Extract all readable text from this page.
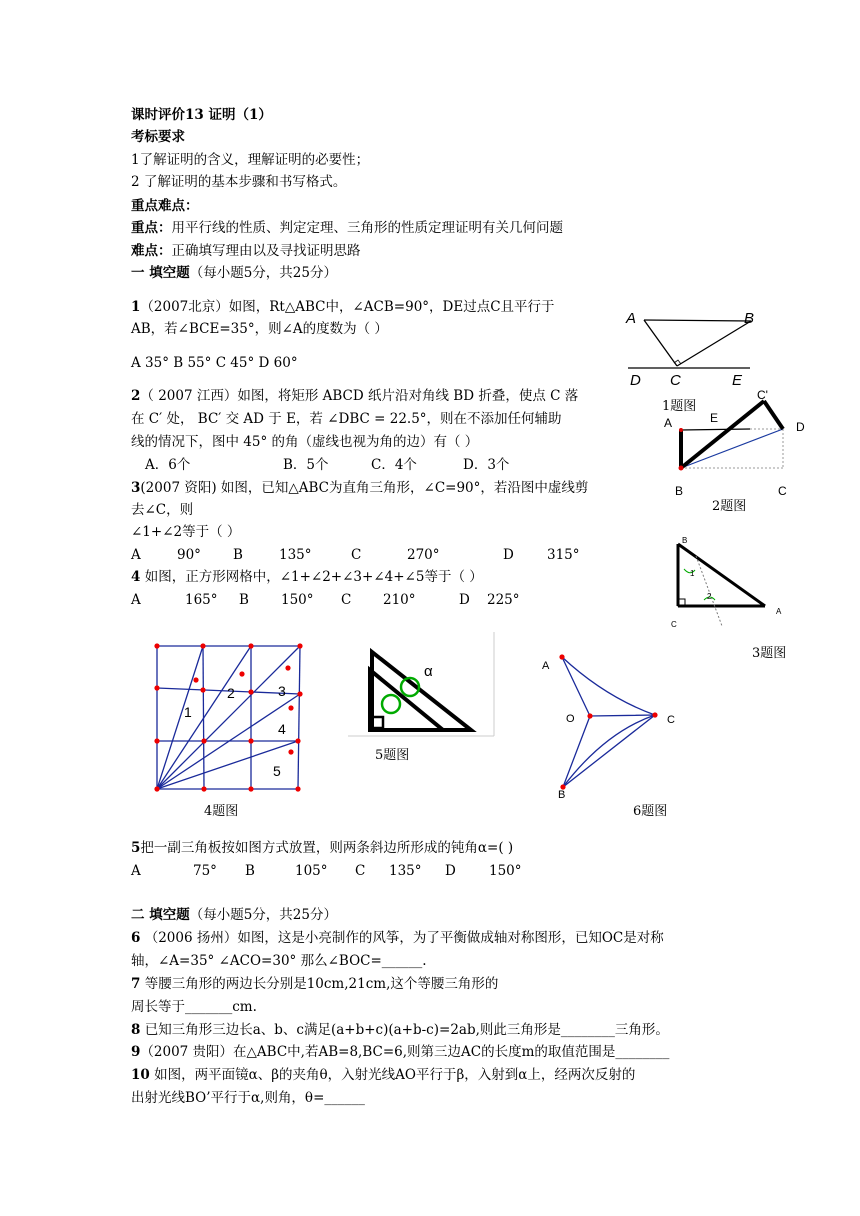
课时评价13 证明（1）
考标要求
1了解证明的含义，理解证明的必要性；
2 了解证明的基本步骤和书写格式。
重点难点：
重点：用平行线的性质、判定定理、三角形的性质定理证明有关几何问题
难点：正确填写理由以及寻找证明思路
一 填空题（每小题5分，共25分）
1（2007北京）如图，Rt△ABC中，∠ACB=90°，DE过点C且平行于
AB，若∠BCE=35°，则∠A的度数为（ ）
A 35° B 55° C 45° D 60°
2（ 2007 江西）如图，将矩形 ABCD 纸片沿对角线 BD 折叠，使点 C 落
在 C′ 处， BC′ 交 AD 于 E，若 ∠DBC = 22.5°，则在不添加任何辅助
线的情况下，图中 45° 的角（虚线也视为角的边）有（ ）
A．6个	B．5个	C．4个	D．3个
3(2007 资阳) 如图，已知△ABC为直角三角形，∠C=90°，若沿图中虚线剪
去∠C，则
∠1+∠2等于（ ）
A	90° B	135°	C	270°	D 315°
4 如图，正方形网格中，∠1+∠2+∠3+∠4+∠5等于（ ）
A	165° B 150° C 210°	D 225°
5把一副三角板按如图方式放置，则两条斜边所形成的钝角α=( )
A	75° B	105° C 135° D 150°
二 填空题（每小题5分，共25分）
6 （2006 扬州）如图，这是小亮制作的风筝，为了平衡做成轴对称图形，已知OC是对称
轴，∠A=35° ∠ACO=30° 那么∠BOC=______.
7 等腰三角形的两边长分别是10cm,21cm,这个等腰三角形的
周长等于_______cm.
8 已知三角形三边长a、b、c满足(a+b+c)(a+b-c)=2ab,则此三角形是________三角形。
9（2007 贵阳）在△ABC中,若AB=8,BC=6,则第三边AC的长度m的取值范围是________
10 如图，两平面镜α、β的夹角θ，入射光线AO平行于β，入射到α上，经两次反射的
出射光线BO’平行于α,则角，θ=______
A	B
D C	E
1题图
C'
A	E
D
B	C
2题图
B
1
2
C
A
3题图
1
2	3
4
5
4题图
α
5题图
A
O	C
B
6题图
